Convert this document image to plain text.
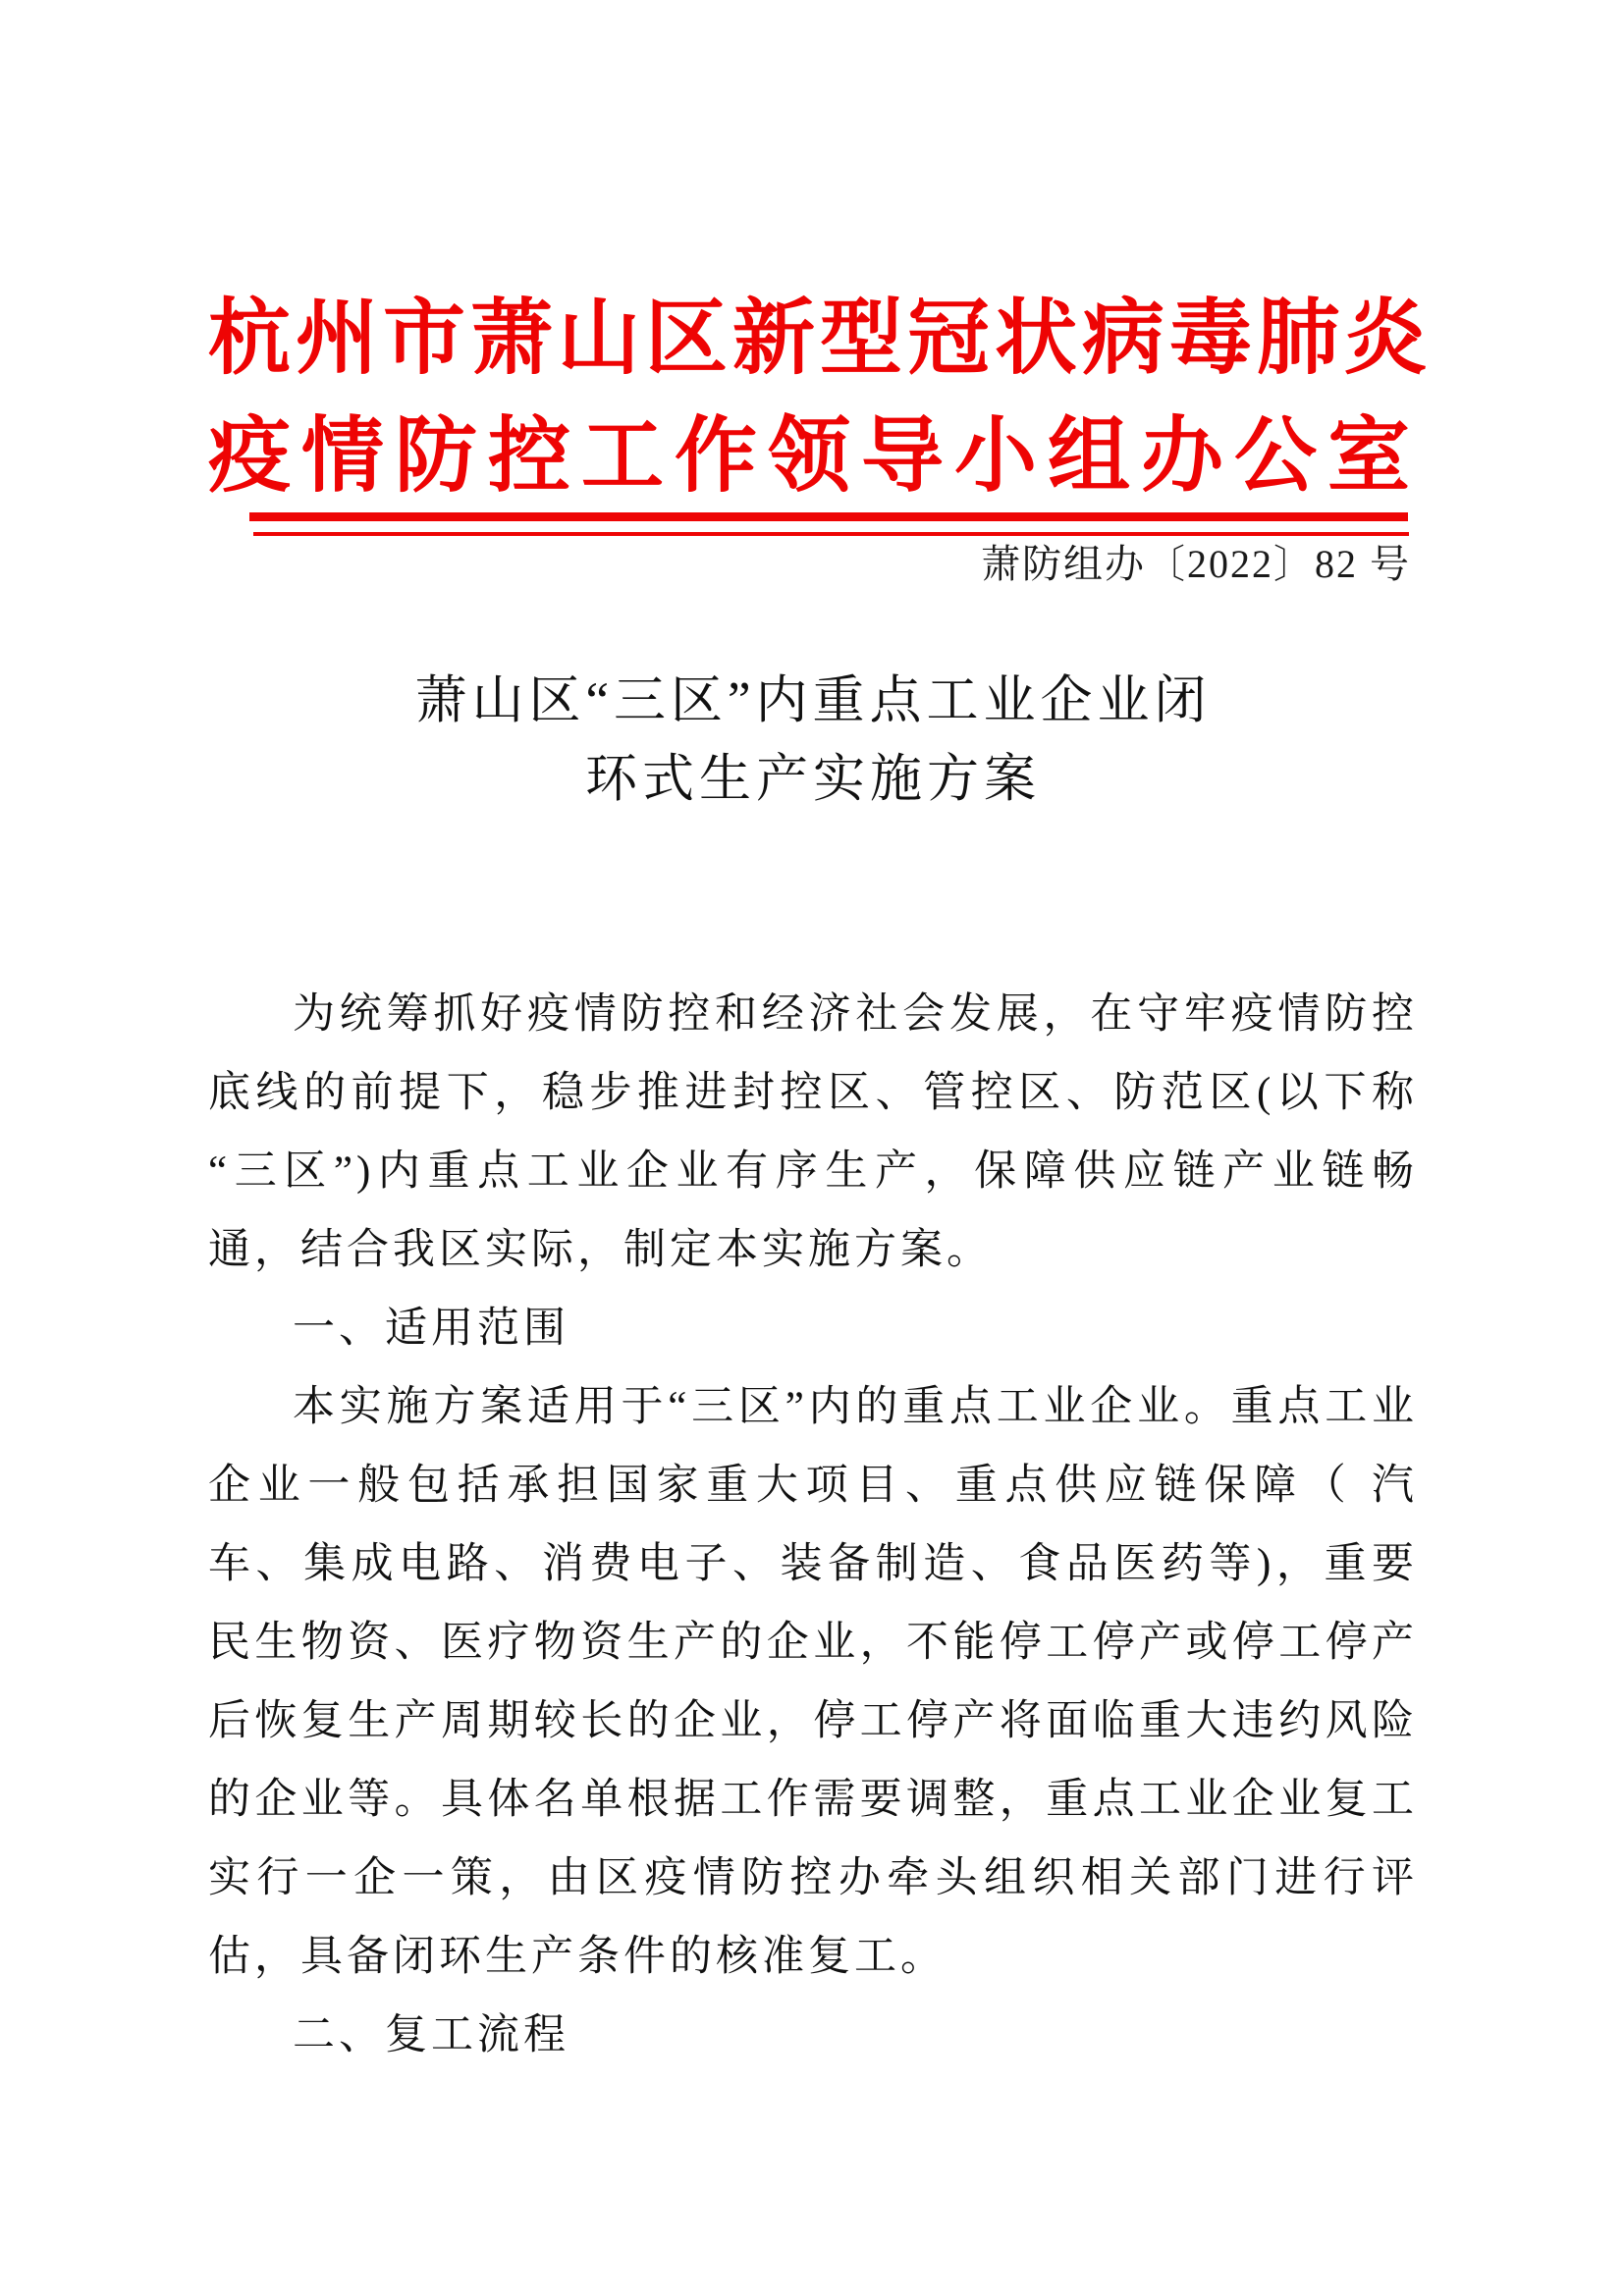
杭州市萧山区新型冠状病毒肺炎
疫情防控工作领导小组办公室
萧防组办〔2022〕82 号
萧山区“三区”内重点工业企业闭
环式生产实施方案

为统筹抓好疫情防控和经济社会发展，在守牢疫情防控底线的前提下，稳步推进封控区、管控区、防范区(以下称“三区”)内重点工业企业有序生产，保障供应链产业链畅通，结合我区实际，制定本实施方案。

一、适用范围

本实施方案适用于“三区”内的重点工业企业。重点工业企业一般包括承担国家重大项目、重点供应链保障（ 汽车、集成电路、消费电子、装备制造、食品医药等)，重要民生物资、医疗物资生产的企业，不能停工停产或停工停产后恢复生产周期较长的企业，停工停产将面临重大违约风险的企业等。具体名单根据工作需要调整，重点工业企业复工实行一企一策，由区疫情防控办牵头组织相关部门进行评估，具备闭环生产条件的核准复工。

二、复工流程
